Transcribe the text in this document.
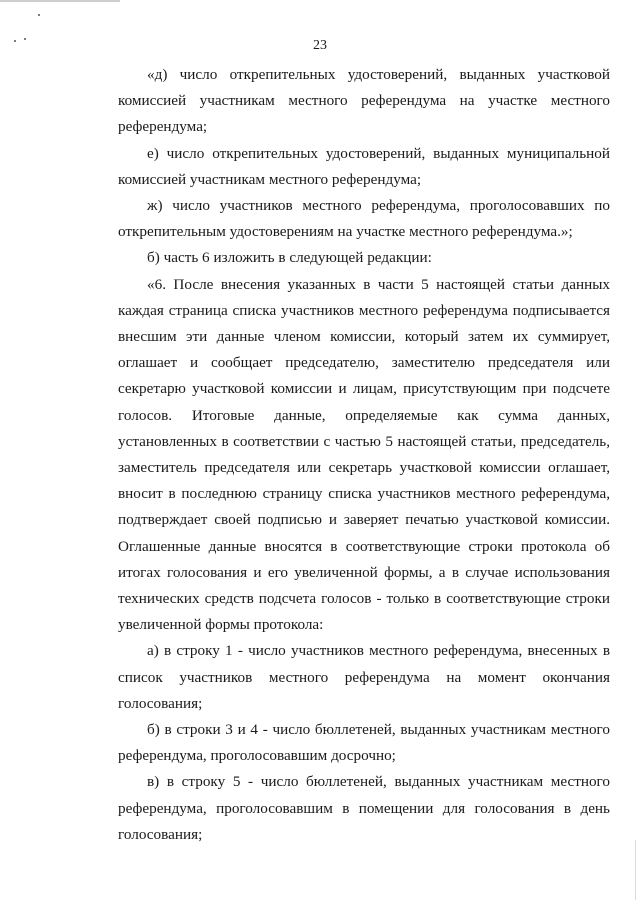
23

«д) число открепительных удостоверений, выданных участковой комиссией участникам местного референдума на участке местного референдума;

е) число открепительных удостоверений, выданных муниципальной комиссией участникам местного референдума;

ж) число участников местного референдума, проголосовавших по открепительным удостоверениям на участке местного референдума.»;

б) часть 6 изложить в следующей редакции:

«6. После внесения указанных в части 5 настоящей статьи данных каждая страница списка участников местного референдума подписывается внесшим эти данные членом комиссии, который затем их суммирует, оглашает и сообщает председателю, заместителю председателя или секретарю участковой комиссии и лицам, присутствующим при подсчете голосов. Итоговые данные, определяемые как сумма данных, установленных в соответствии с частью 5 настоящей статьи, председатель, заместитель председателя или секретарь участковой комиссии оглашает, вносит в последнюю страницу списка участников местного референдума, подтверждает своей подписью и заверяет печатью участковой комиссии. Оглашенные данные вносятся в соответствующие строки протокола об итогах голосования и его увеличенной формы, а в случае использования технических средств подсчета голосов - только в соответствующие строки увеличенной формы протокола:

а) в строку 1 - число участников местного референдума, внесенных в список участников местного референдума на момент окончания голосования;

б) в строки 3 и 4 - число бюллетеней, выданных участникам местного референдума, проголосовавшим досрочно;

в) в строку 5 - число бюллетеней, выданных участникам местного референдума, проголосовавшим в помещении для голосования в день голосования;
